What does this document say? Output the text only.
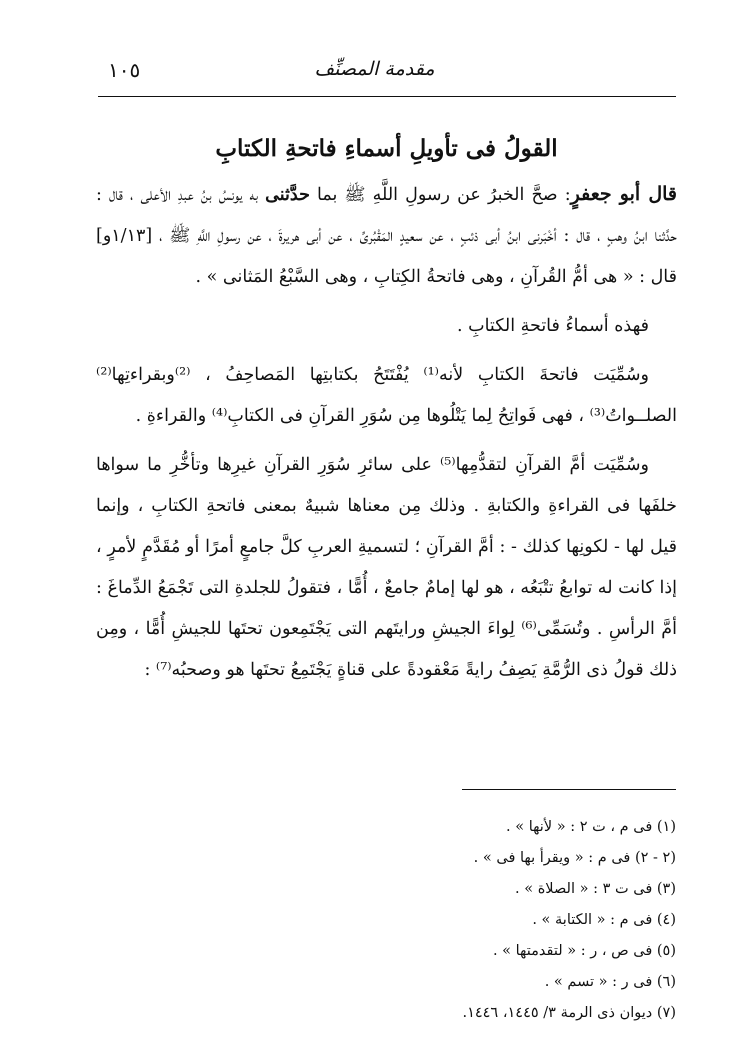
١٠٥	مقدمة المصنِّف
القولُ فى تأويلِ أسماءِ فاتحةِ الكتابِ

قال أبو جعفرٍ: صحَّ الخبرُ عن رسولِ اللَّهِ ﷺ بما حدَّثنى به يونسُ بنُ عبدِ الأعلى ، قال : حدَّثنا ابنُ وهبٍ ، قال : أخْبَرنى ابنُ أبى ذئبٍ ، عن سعيدٍ المَقْبُرىِّ ، عن أبى هريرةَ ، عن رسولِ اللَّهِ ﷺ ، [١/١٣و] قال : « هى أمُّ القُرآنِ ، وهى فاتحةُ الكِتابِ ، وهى السَّبْعُ المَثانى » .

فهذه أسماءُ فاتحةِ الكتابِ .

وسُمِّيَت فاتحةَ الكتابِ لأنه⁽¹⁾ يُفْتَتَحُ بكتابتِها المَصاحِفُ ، ⁽²⁾وبقراءتِها⁽²⁾ الصلــواتُ⁽³⁾ ، فهى فَواتِحُ لِما يَتْلُوها مِن سُوَرِ القرآنِ فى الكتابِ⁽⁴⁾ والقراءةِ .

وسُمِّيَت أمَّ القرآنِ لتقدُّمِها⁽⁵⁾ على سائرِ سُوَرِ القرآنِ غيرِها وتأخُّرِ ما سواها خلفَها فى القراءةِ والكتابةِ . وذلك مِن معناها شبيهٌ بمعنى فاتحةِ الكتابِ ، وإنما قيل لها - لكونِها كذلك - : أمَّ القرآنِ ؛ لتسميةِ العربِ كلَّ جامعٍ أمرًا أو مُقَدَّمٍ لأمرٍ ، إذا كانت له توابعُ تتْبَعُه ، هو لها إمامٌ جامعٌ ، أُمًّا ، فتقولُ للجلدةِ التى تَجْمَعُ الدِّماغَ : أمَّ الرأسِ . وتُسَمِّى⁽⁶⁾ لِواءَ الجيشِ ورايتَهم التى يَجْتَمِعون تحتَها للجيشِ أُمًّا ، ومِن ذلك قولُ ذى الرُّمَّةِ يَصِفُ رايةً مَعْقودةً على قناةٍ يَجْتَمِعُ تحتَها هو وصحبُه⁽⁷⁾ :

(١) فى م ، ت ٢ : « لأنها » .
(٢ - ٢) فى م : « ويقرأ بها فى » .
(٣) فى ت ٣ : « الصلاة » .
(٤) فى م : « الكتابة » .
(٥) فى ص ، ر : « لتقدمتها » .
(٦) فى ر : « تسم » .
(٧) ديوان ذى الرمة ٣/ ١٤٤٥، ١٤٤٦.
